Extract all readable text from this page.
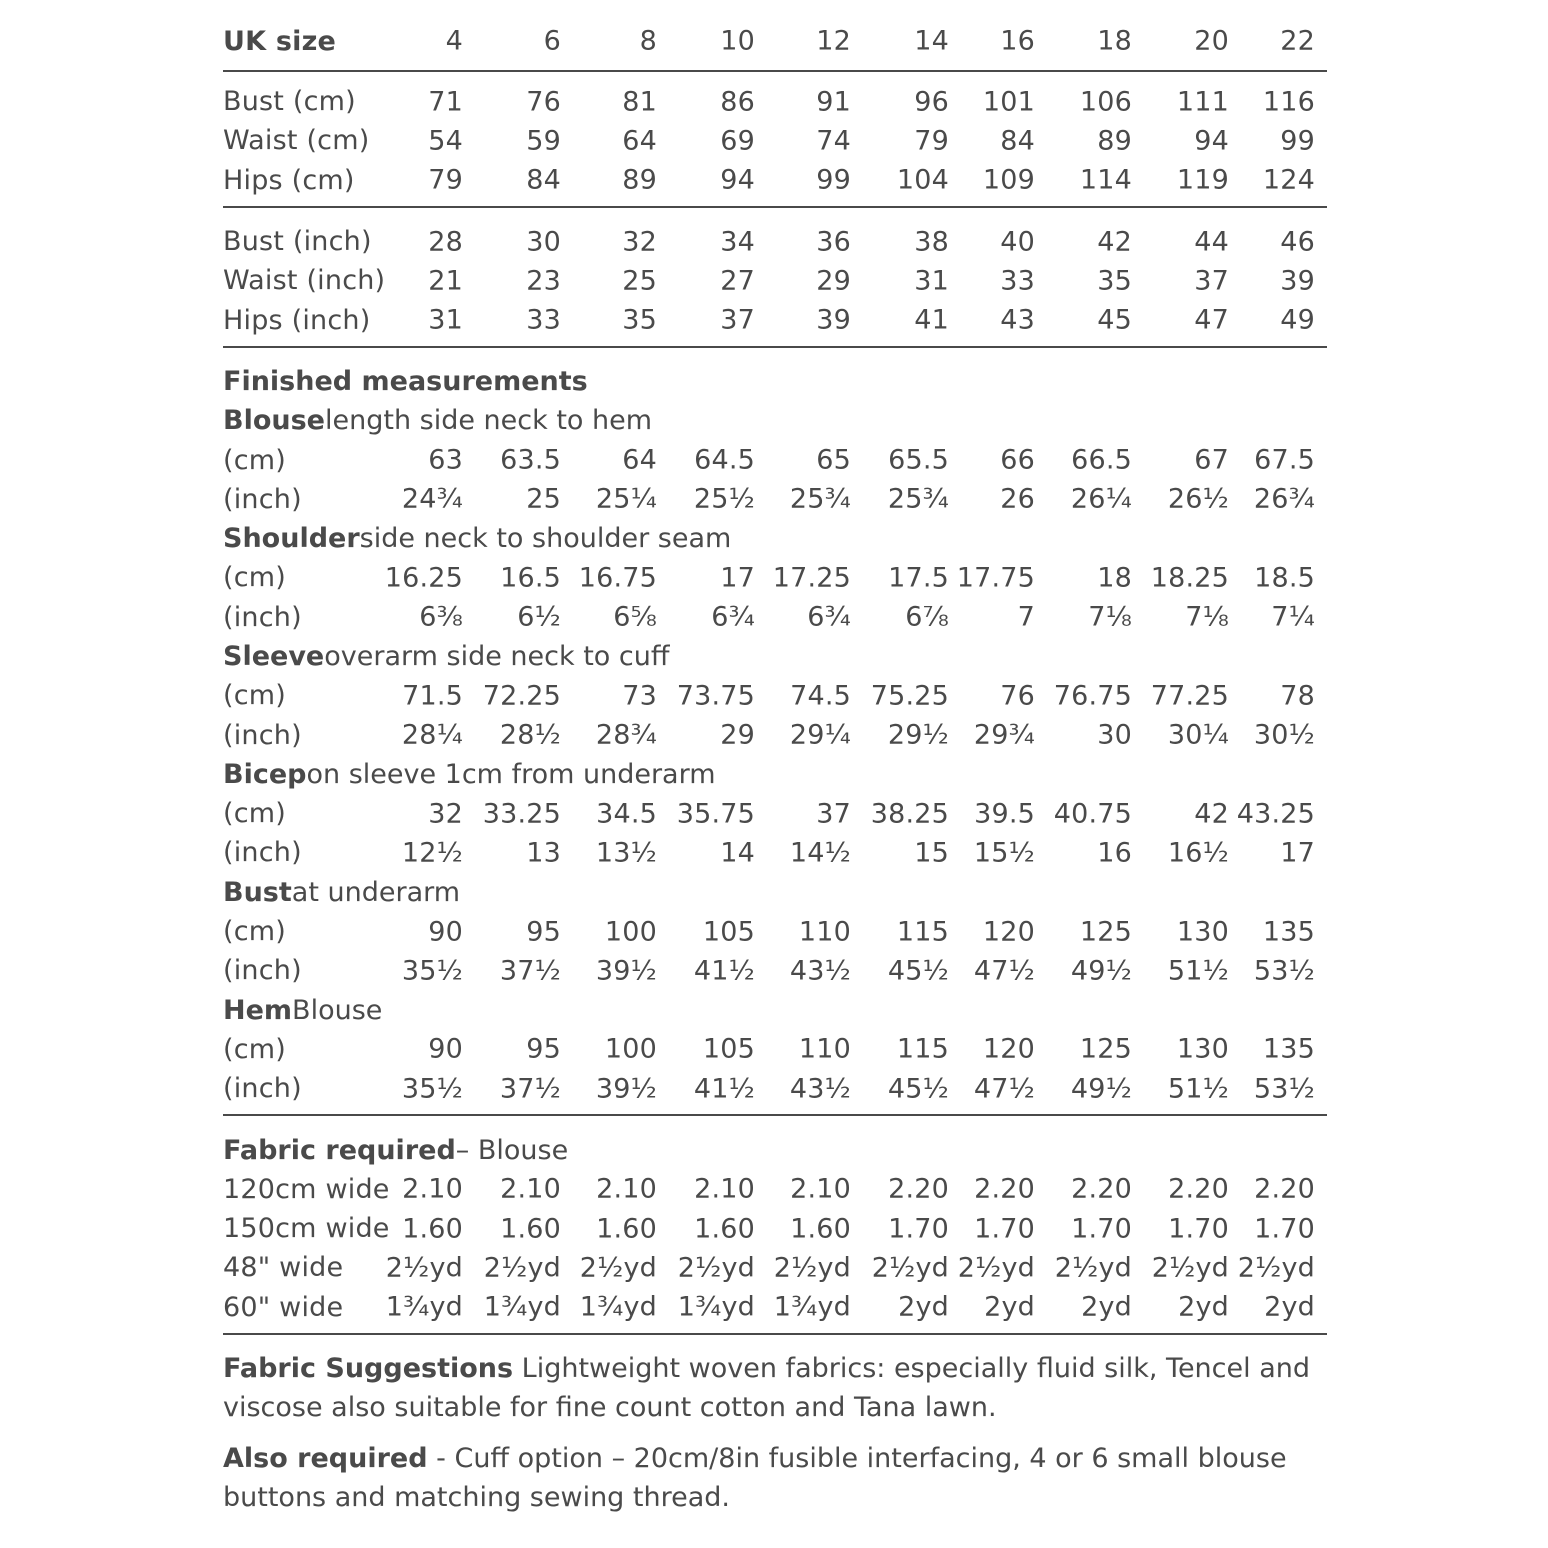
UK size	4	6	8 10 12 14 16 18 20 22
Bust (cm)	71 76 81 86 91 96 101 106 111 116
Waist (cm) 54 59 64 69 74 79 84 89 94 99
Hips (cm)	79 84 89 94 99 104 109 114 119 124
Bust (inch) 28 30 32 34 36 38 40 42 44 46
Waist (inch) 21 23 25 27 29 31 33 35 37 39
Hips (inch) 31 33 35 37 39 41 43 45 47 49
Finished measurements
Blouse length side neck to hem
(cm)	63 63.5 64 64.5 65 65.5 66 66.5 67 67.5
(inch)	24¾ 25 25¼ 25½ 25¾ 25¾ 26 26¼ 26½ 26¾
Shoulder side neck to shoulder seam
(cm)	16.25 16.5 16.75 17 17.25 17.5 17.75 18 18.25 18.5
(inch)	6⅜ 6½ 6⅝ 6¾ 6¾ 6⅞	7 7⅛ 7⅛ 7¼
Sleeve overarm side neck to cuff
(cm)	71.5 72.25 73 73.75 74.5 75.25 76 76.75 77.25 78
(inch)	28¼ 28½ 28¾ 29 29¼ 29½ 29¾ 30 30¼ 30½
Bicep on sleeve 1cm from underarm
(cm)	32 33.25 34.5 35.75 37 38.25 39.5 40.75 42 43.25
(inch)	12½ 13 13½ 14 14½ 15 15½ 16 16½ 17
Bust at underarm
(cm)	90 95 100 105 110 115 120 125 130 135
(inch)	35½ 37½ 39½ 41½ 43½ 45½ 47½ 49½ 51½ 53½
Hem Blouse
(cm)	90 95 100 105 110 115 120 125 130 135
(inch)	35½ 37½ 39½ 41½ 43½ 45½ 47½ 49½ 51½ 53½
Fabric required – Blouse
120cm wide 2.10 2.10 2.10 2.10 2.10 2.20 2.20 2.20 2.20 2.20
150cm wide 1.60 1.60 1.60 1.60 1.60 1.70 1.70 1.70 1.70 1.70
48" wide 2½yd 2½yd 2½yd 2½yd 2½yd 2½yd 2½yd 2½yd 2½yd 2½yd
60" wide 1¾yd 1¾yd 1¾yd 1¾yd 1¾yd 2yd 2yd 2yd 2yd 2yd
Fabric Suggestions Lightweight woven fabrics: especially fluid silk, Tencel and viscose also suitable for fine count cotton and Tana lawn.
Also required - Cuff option – 20cm/8in fusible interfacing, 4 or 6 small blouse buttons and matching sewing thread.
